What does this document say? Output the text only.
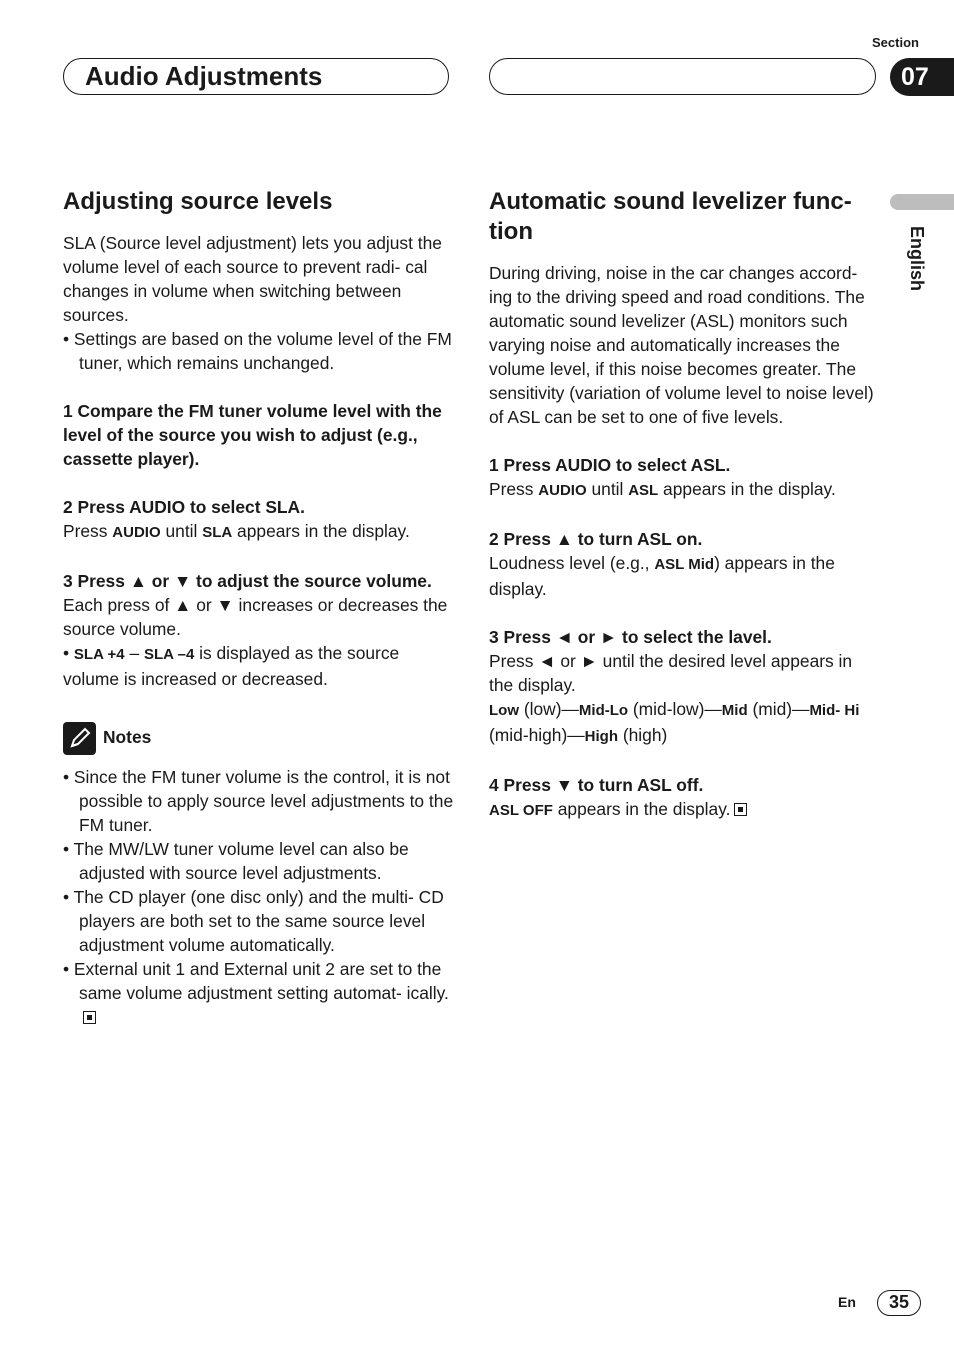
Audio Adjustments
Section
07
English

Adjusting source levels

SLA (Source level adjustment) lets you adjust the volume level of each source to prevent radi- cal changes in volume when switching between sources.

• Settings are based on the volume level of the FM tuner, which remains unchanged.

1 Compare the FM tuner volume level with the level of the source you wish to adjust (e.g., cassette player).

2 Press AUDIO to select SLA.

Press AUDIO until SLA appears in the display.

3 Press ▲ or ▼ to adjust the source volume.

Each press of ▲ or ▼ increases or decreases the source volume.

• SLA +4 – SLA –4 is displayed as the source volume is increased or decreased.

Notes

• Since the FM tuner volume is the control, it is not possible to apply source level adjustments to the FM tuner.

• The MW/LW tuner volume level can also be adjusted with source level adjustments.

• The CD player (one disc only) and the multi- CD players are both set to the same source level adjustment volume automatically.

• External unit 1 and External unit 2 are set to the same volume adjustment setting automat- ically.

Automatic sound levelizer func- tion

During driving, noise in the car changes accord- ing to the driving speed and road conditions. The automatic sound levelizer (ASL) monitors such varying noise and automatically increases the volume level, if this noise becomes greater. The sensitivity (variation of volume level to noise level) of ASL can be set to one of five levels.

1 Press AUDIO to select ASL.

Press AUDIO until ASL appears in the display.

2 Press ▲ to turn ASL on.

Loudness level (e.g., ASL Mid) appears in the display.

3 Press ◄ or ► to select the lavel.

Press ◄ or ► until the desired level appears in the display.

Low (low)—Mid-Lo (mid-low)—Mid (mid)—Mid- Hi (mid-high)—High (high)

4 Press ▼ to turn ASL off.

ASL OFF appears in the display.

En	35
